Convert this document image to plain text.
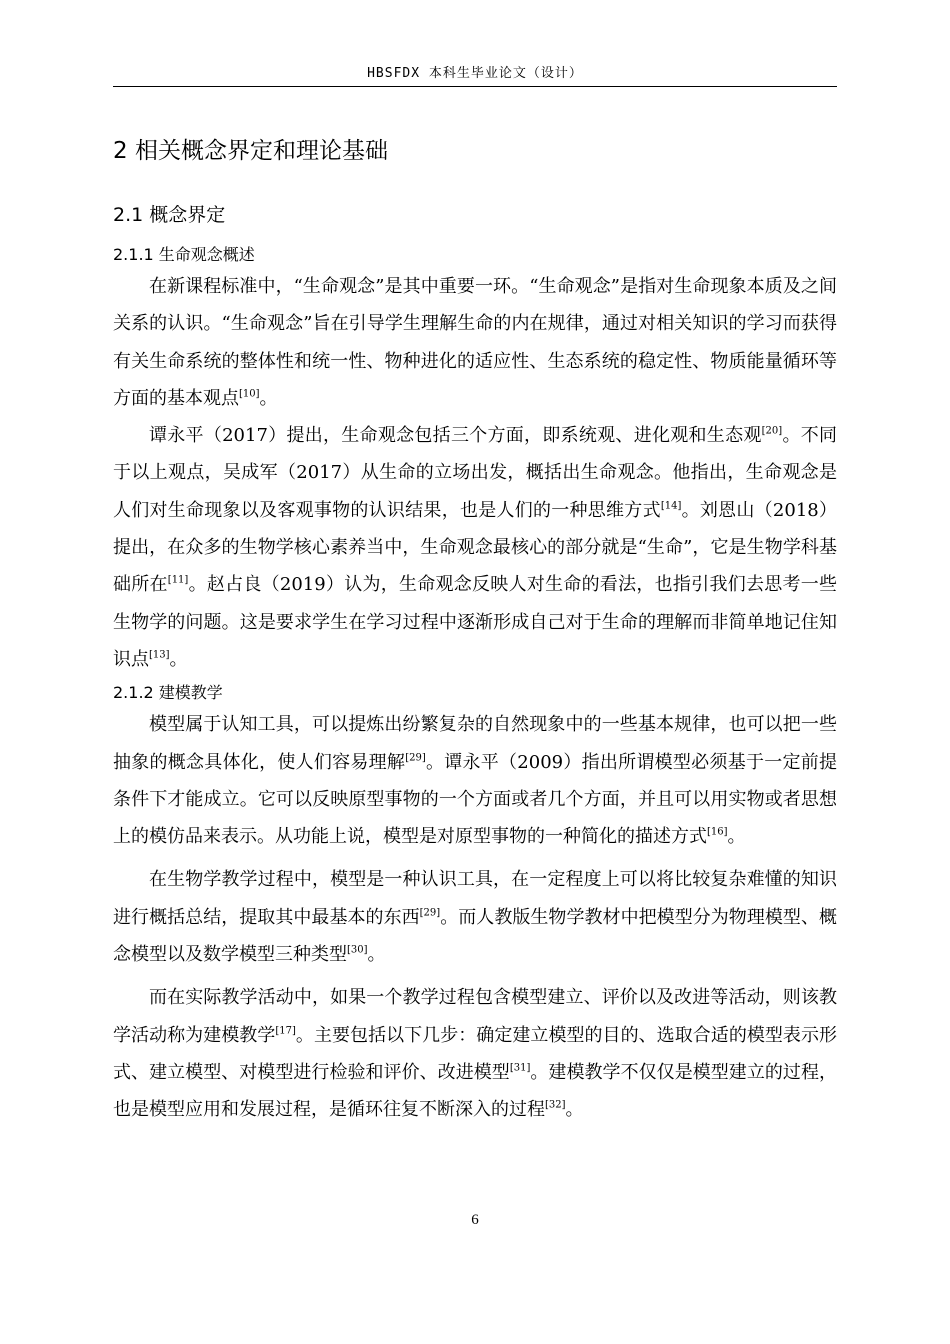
HBSFDX 本科生毕业论文（设计）
2 相关概念界定和理论基础
2.1 概念界定
2.1.1 生命观念概述

在新课程标准中，“生命观念”是其中重要一环。“生命观念”是指对生命现象本质及之间关系的认识。“生命观念”旨在引导学生理解生命的内在规律，通过对相关知识的学习而获得有关生命系统的整体性和统一性、物种进化的适应性、生态系统的稳定性、物质能量循环等方面的基本观点[10]。

谭永平（2017）提出，生命观念包括三个方面，即系统观、进化观和生态观[20]。不同于以上观点，吴成军（2017）从生命的立场出发，概括出生命观念。他指出，生命观念是人们对生命现象以及客观事物的认识结果，也是人们的一种思维方式[14]。刘恩山（2018）提出，在众多的生物学核心素养当中，生命观念最核心的部分就是“生命”，它是生物学科基础所在[11]。赵占良（2019）认为，生命观念反映人对生命的看法，也指引我们去思考一些生物学的问题。这是要求学生在学习过程中逐渐形成自己对于生命的理解而非简单地记住知识点[13]。

2.1.2 建模教学

模型属于认知工具，可以提炼出纷繁复杂的自然现象中的一些基本规律，也可以把一些抽象的概念具体化，使人们容易理解[29]。谭永平（2009）指出所谓模型必须基于一定前提条件下才能成立。它可以反映原型事物的一个方面或者几个方面，并且可以用实物或者思想上的模仿品来表示。从功能上说，模型是对原型事物的一种简化的描述方式[16]。

在生物学教学过程中，模型是一种认识工具，在一定程度上可以将比较复杂难懂的知识进行概括总结，提取其中最基本的东西[29]。而人教版生物学教材中把模型分为物理模型、概念模型以及数学模型三种类型[30]。

而在实际教学活动中，如果一个教学过程包含模型建立、评价以及改进等活动，则该教学活动称为建模教学[17]。主要包括以下几步：确定建立模型的目的、选取合适的模型表示形式、建立模型、对模型进行检验和评价、改进模型[31]。建模教学不仅仅是模型建立的过程，也是模型应用和发展过程，是循环往复不断深入的过程[32]。

6
